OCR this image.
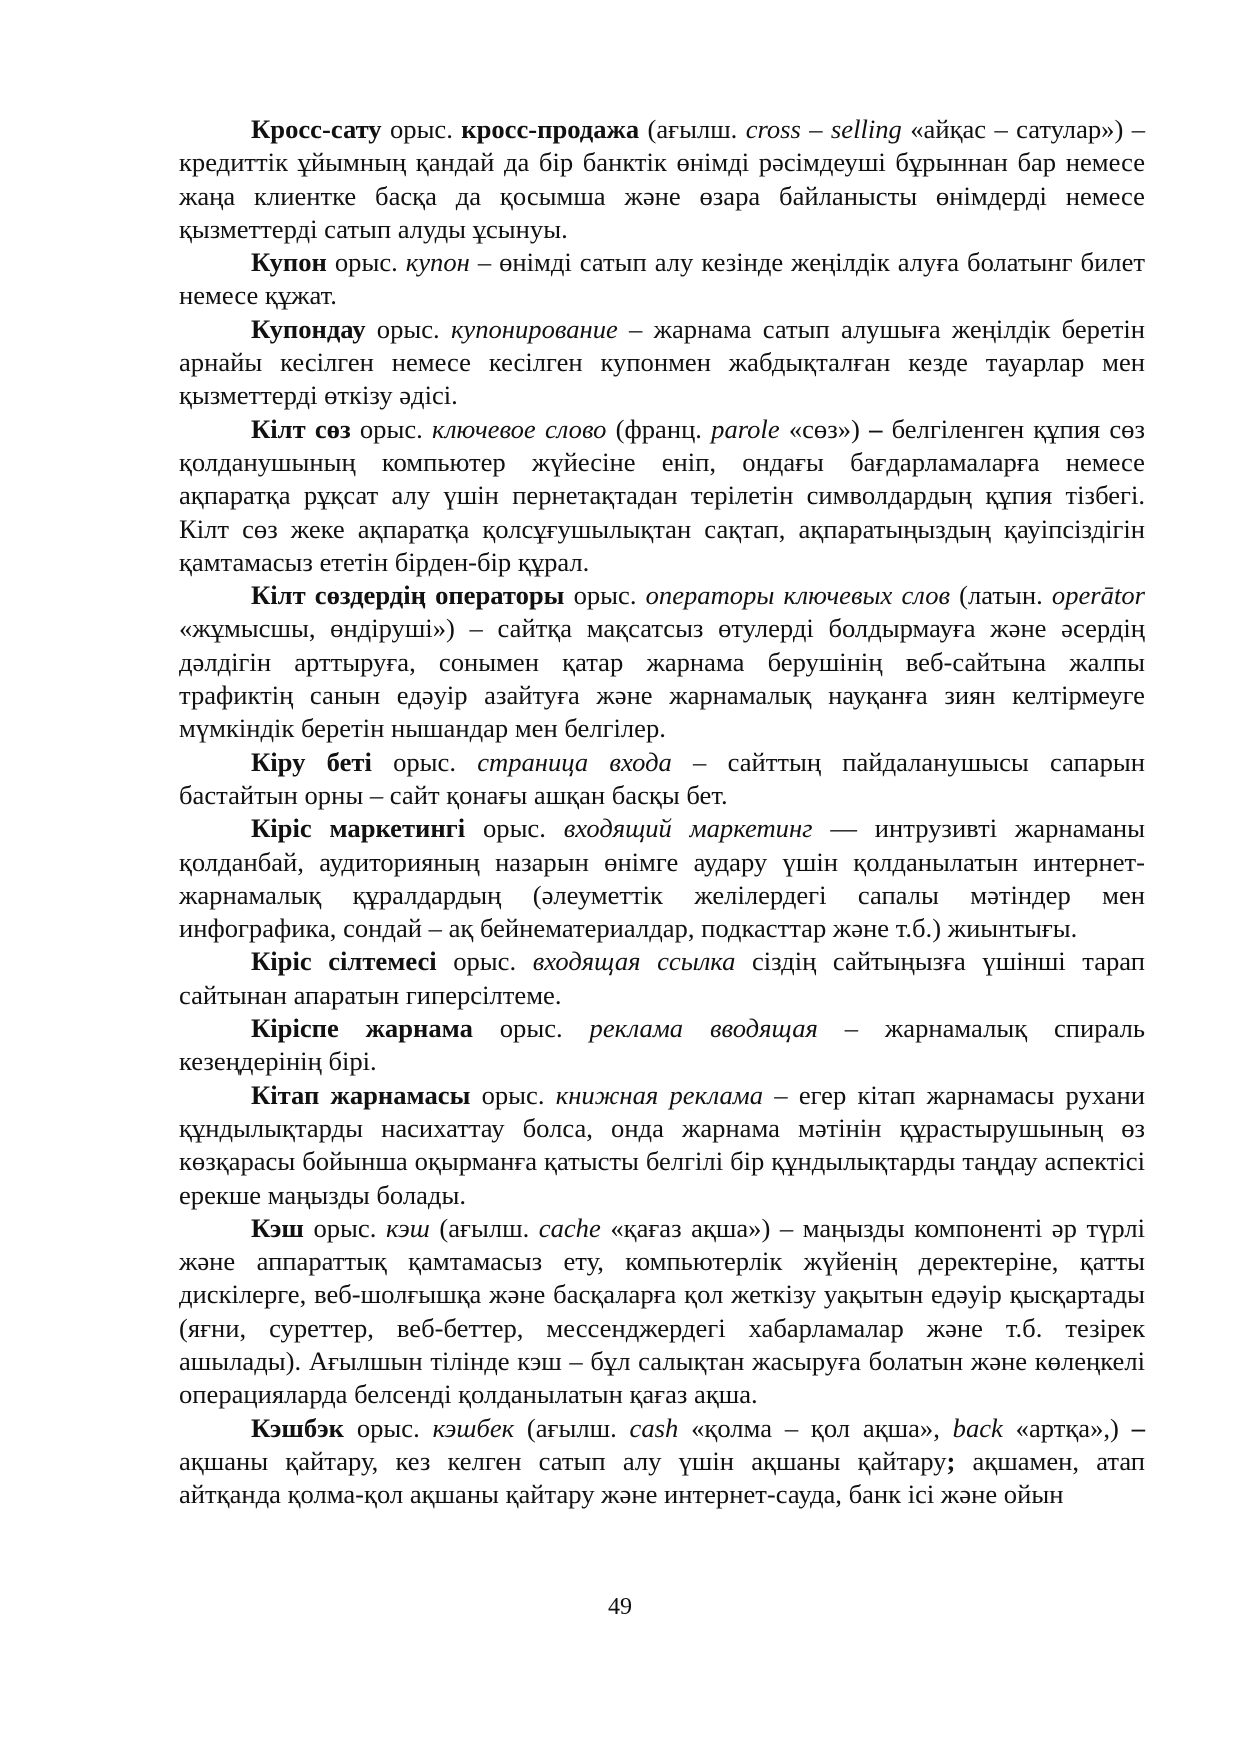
Кросс-сату орыс. кросс-продажа (ағылш. cross – selling «айқас – сатулар») – кредиттік ұйымның қандай да бір банктік өнімді рәсімдеуші бұрыннан бар немесе жаңа клиентке басқа да қосымша және өзара байланысты өнімдерді немесе қызметтерді сатып алуды ұсынуы.

Купон орыс. купон – өнімді сатып алу кезінде жеңілдік алуға болатынг билет немесе құжат.

Купондау орыс. купонирование – жарнама сатып алушыға жеңілдік беретін арнайы кесілген немесе кесілген купонмен жабдықталған кезде тауарлар мен қызметтерді өткізу әдісі.

Кілт сөз орыс. ключевое слово (франц. parole «сөз») – белгіленген құпия сөз қолданушының компьютер жүйесіне еніп, ондағы бағдарламаларға немесе ақпаратқа рұқсат алу үшін пернетақтадан терілетін символдардың құпия тізбегі. Кілт сөз жеке ақпаратқа қолсұғушылықтан сақтап, ақпаратыңыздың қауіпсіздігін қамтамасыз ететін бірден-бір құрал.

Кілт сөздердің операторы орыс. операторы ключевых слов (латын. operātor «жұмысшы, өндіруші») – сайтқа мақсатсыз өтулерді болдырмауға және әсердің дәлдігін арттыруға, сонымен қатар жарнама берушінің веб-сайтына жалпы трафиктің санын едәуір азайтуға және жарнамалық науқанға зиян келтірмеуге мүмкіндік беретін нышандар мен белгілер.

Кіру беті орыс. страница входа – сайттың пайдаланушысы сапарын бастайтын орны – сайт қонағы ашқан басқы бет.

Кіріс маркетингі орыс. входящий маркетинг — интрузивті жарнаманы қолданбай, аудиторияның назарын өнімге аудару үшін қолданылатын интернет-жарнамалық құралдардың (әлеуметтік желілердегі сапалы мәтіндер мен инфографика, сондай – ақ бейнематериалдар, подкасттар және т.б.) жиынтығы.

Кіріс сілтемесі орыс. входящая ссылка сіздің сайтыңызға үшінші тарап сайтынан апаратын гиперсілтеме.

Кіріспе жарнама орыс. реклама вводящая – жарнамалық спираль кезеңдерінің бірі.

Кітап жарнамасы орыс. книжная реклама – егер кітап жарнамасы рухани құндылықтарды насихаттау болса, онда жарнама мәтінін құрастырушының өз көзқарасы бойынша оқырманға қатысты белгілі бір құндылықтарды таңдау аспектісі ерекше маңызды болады.

Кэш орыс. кэш (ағылш. cache «қағаз ақша») – маңызды компоненті әр түрлі және аппараттық қамтамасыз ету, компьютерлік жүйенің деректеріне, қатты дискілерге, веб-шолғышқа және басқаларға қол жеткізу уақытын едәуір қысқартады (яғни, суреттер, веб-беттер, мессенджердегі хабарламалар және т.б. тезірек ашылады). Ағылшын тілінде кэш – бұл салықтан жасыруға болатын және көлеңкелі операцияларда белсенді қолданылатын қағаз ақша.

Кэшбэк орыс. кэшбек (ағылш. cash «қолма – қол ақша», back «артқа»,) – ақшаны қайтару, кез келген сатып алу үшін ақшаны қайтару; ақшамен, атап айтқанда қолма-қол ақшаны қайтару және интернет-сауда, банк ісі және ойын

49
